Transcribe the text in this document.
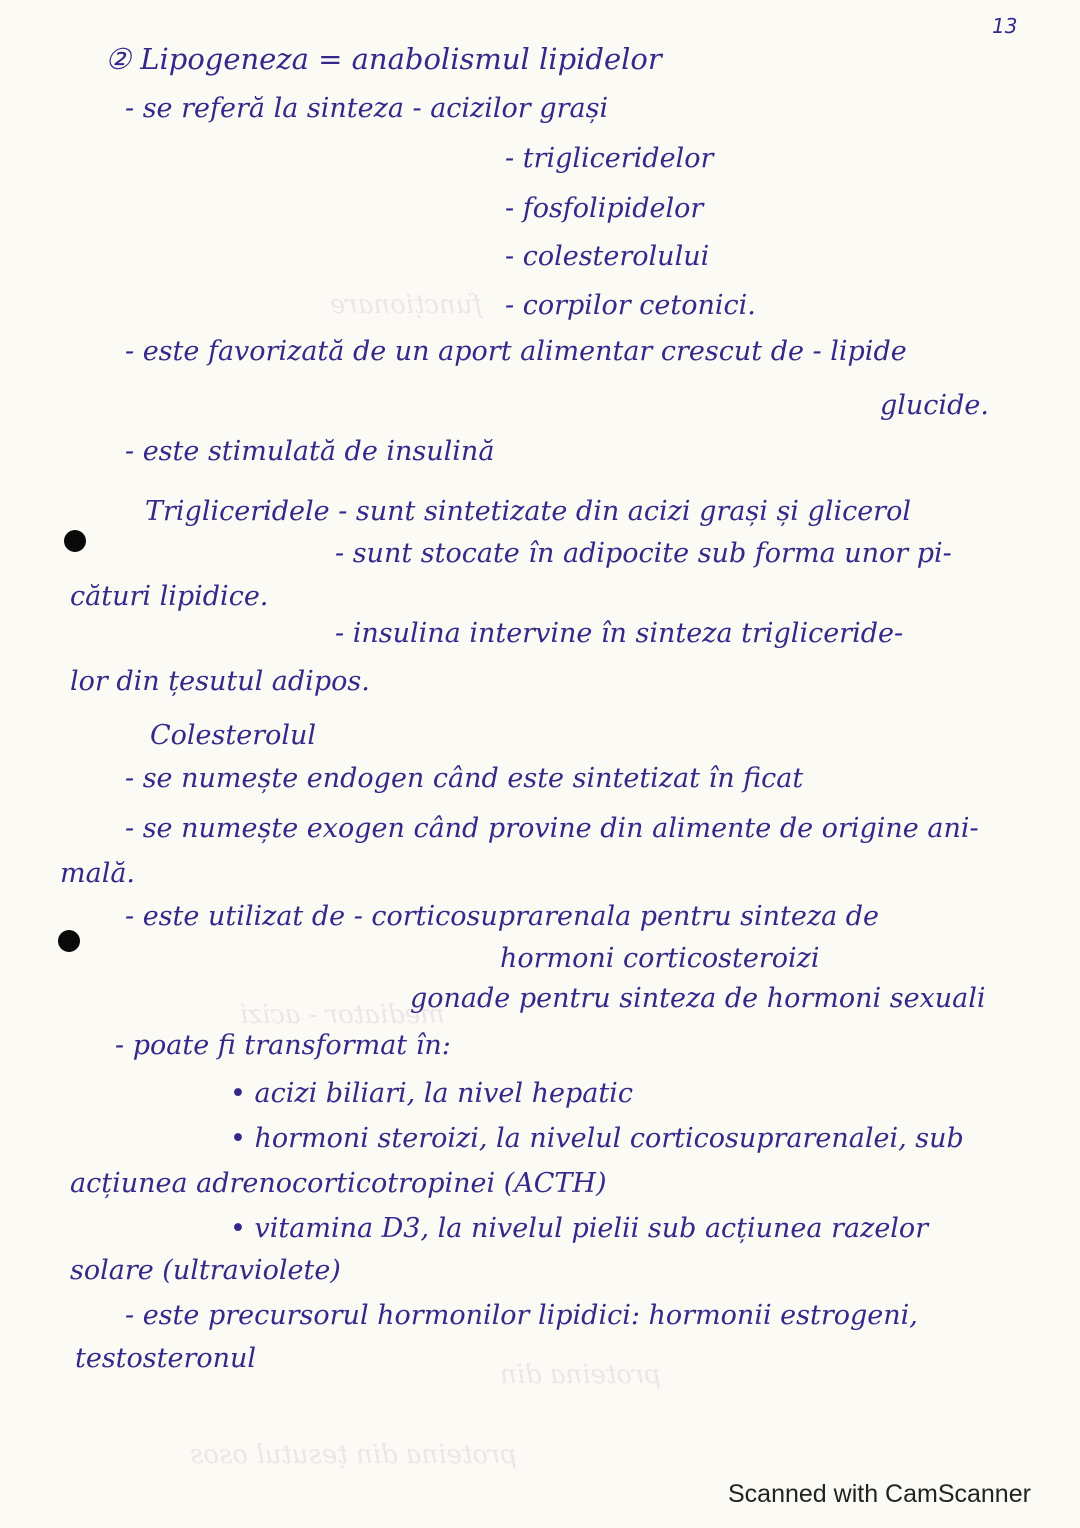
funcționare
mediator - acizi
proteina din
proteina din țesutul osos
13
② Lipogeneza = anabolismul lipidelor
- se referă la sinteza - acizilor grași
- trigliceridelor
- fosfolipidelor
- colesterolului
- corpilor cetonici.
- este favorizată de un aport alimentar crescut de - lipide
glucide.
- este stimulată de insulină
Trigliceridele - sunt sintetizate din acizi grași și glicerol
- sunt stocate în adipocite sub forma unor pi-
cături lipidice.
- insulina intervine în sinteza trigliceride-
lor din țesutul adipos.
Colesterolul
- se numește endogen când este sintetizat în ficat
- se numește exogen când provine din alimente de origine ani-
mală.
- este utilizat de - corticosuprarenala pentru sinteza de
hormoni corticosteroizi
gonade pentru sinteza de hormoni sexuali
- poate fi transformat în:
• acizi biliari, la nivel hepatic
• hormoni steroizi, la nivelul corticosuprarenalei, sub
acțiunea adrenocorticotropinei (ACTH)
• vitamina D3, la nivelul pielii sub acțiunea razelor
solare (ultraviolete)
- este precursorul hormonilor lipidici: hormonii estrogeni,
testosteronul
Scanned with CamScanner
